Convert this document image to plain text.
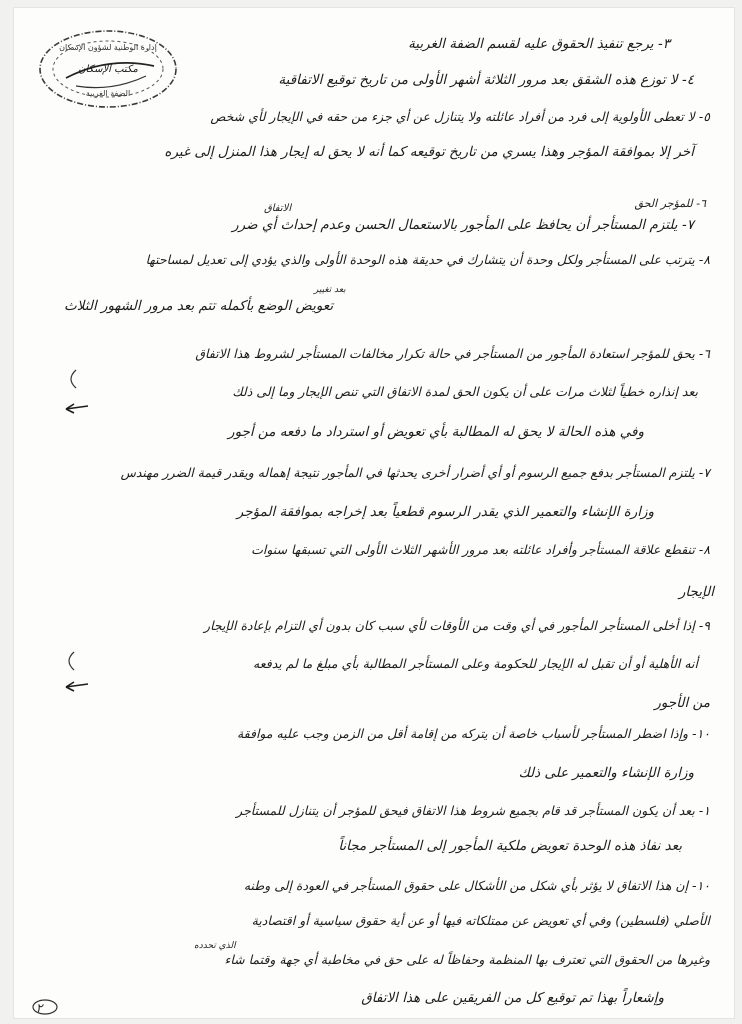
إدارة الوطنية لشؤون الإسكان
مكتب الإسكان
الضفة الغربية
٣- يرجع تنفيذ الحقوق عليه لقسم الضفة الغربية
٤- لا توزع هذه الشقق بعد مرور الثلاثة أشهر الأولى من تاريخ توقيع الاتفاقية
٥- لا تعطى الأولوية إلى فرد من أفراد عائلته ولا يتنازل عن أي جزء من حقه في الإيجار لأي شخص
آخر إلا بموافقة المؤجر وهذا يسري من تاريخ توقيعه كما أنه لا يحق له إيجار هذا المنزل إلى غيره
٦- للمؤجر الحق
٧- يلتزم المستأجر أن يحافظ على المأجور بالاستعمال الحسن وعدم إحداث أي ضرر
٨- يترتب على المستأجر ولكل وحدة أن يتشارك في حديقة هذه الوحدة الأولى والذي يؤدي إلى تعديل لمساحتها
بعد تغيير
تعويض الوضع بأكمله تتم بعد مرور الشهور الثلاث
٦- يحق للمؤجر استعادة المأجور من المستأجر في حالة تكرار مخالفات المستأجر لشروط هذا الاتفاق
بعد إنذاره خطياً لثلاث مرات على أن يكون الحق لمدة الاتفاق التي تنص الإيجار وما إلى ذلك
وفي هذه الحالة لا يحق له المطالبة بأي تعويض أو استرداد ما دفعه من أجور
٧- يلتزم المستأجر بدفع جميع الرسوم أو أي أضرار أخرى يحدثها في المأجور نتيجة إهماله ويقدر قيمة الضرر مهندس
وزارة الإنشاء والتعمير الذي يقدر الرسوم قطعياً بعد إخراجه بموافقة المؤجر
٨- تنقطع علاقة المستأجر وأفراد عائلته بعد مرور الأشهر الثلاث الأولى التي تسبقها سنوات
الإيجار
٩- إذا أخلى المستأجر المأجور في أي وقت من الأوقات لأي سبب كان بدون أي التزام بإعادة الإيجار
أنه الأهلية أو أن تقبل له الإيجار للحكومة وعلى المستأجر المطالبة بأي مبلغ ما لم يدفعه
من الأجور
١٠- وإذا اضطر المستأجر لأسباب خاصة أن يتركه من إقامة أقل من الزمن وجب عليه موافقة
وزارة الإنشاء والتعمير على ذلك
١- بعد أن يكون المستأجر قد قام بجميع شروط هذا الاتفاق فيحق للمؤجر أن يتنازل للمستأجر
بعد نفاذ هذه الوحدة تعويض ملكية المأجور إلى المستأجر مجاناً
١٠- إن هذا الاتفاق لا يؤثر بأي شكل من الأشكال على حقوق المستأجر في العودة إلى وطنه
الأصلي (فلسطين) وفي أي تعويض عن ممتلكاته فيها أو عن أية حقوق سياسية أو اقتصادية
الذي تحدده
وغيرها من الحقوق التي تعترف بها المنظمة وحفاظاً له على حق في مخاطبة أي جهة وقتما شاء
وإشعاراً بهذا تم توقيع كل من الفريقين على هذا الاتفاق
الاتفاق
٢
